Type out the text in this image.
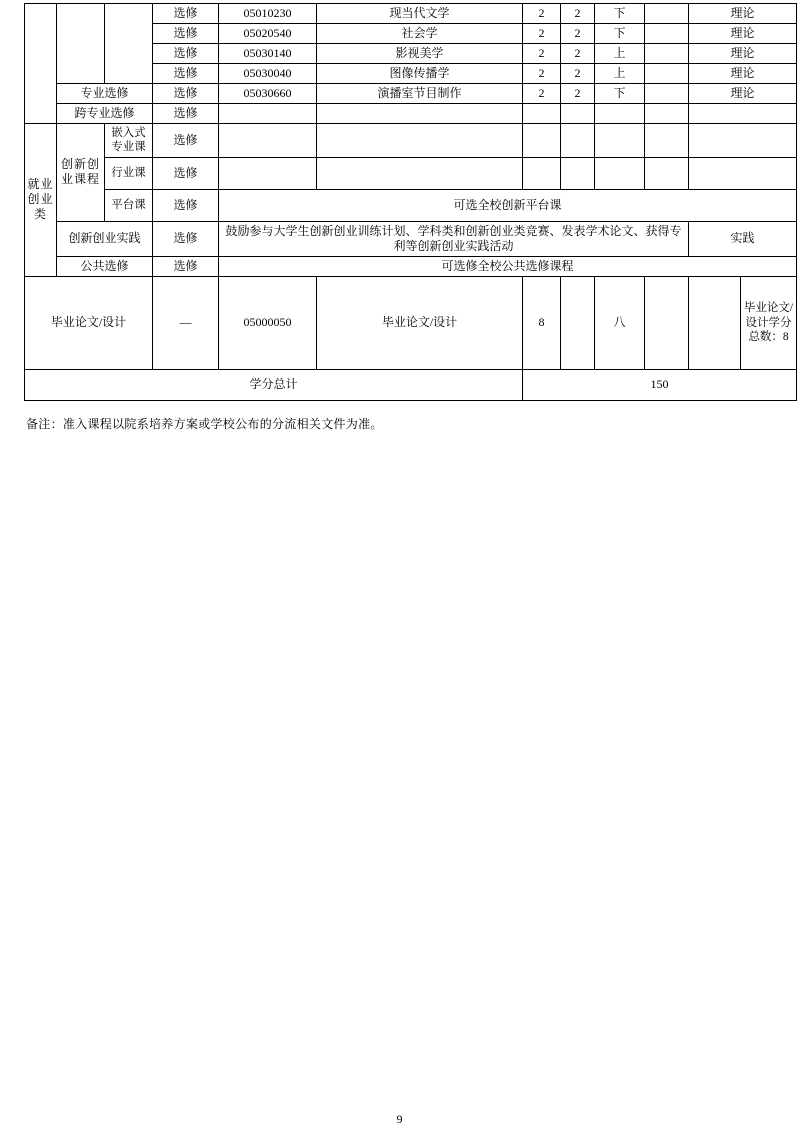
			选修	05010230	现当代文学	2	2	下		理论	
			选修	05020540	社会学	2	2	下		理论	
			选修	05030140	影视美学	2	2	上		理论	
			选修	05030040	图像传播学	2	2	上		理论	
	专业选修		选修	05030660	演播室节目制作	2	2	下		理论	
	跨专业选修		选修								
就业创业类	创新创业课程	嵌入式专业课	选修								
		行业课	选修								
		平台课	选修	可选全校创新平台课							
	创新创业实践		选修	鼓励参与大学生创新创业训练计划、学科类和创新创业类竞赛、发表学术论文、获得专利等创新创业实践活动						实践	
	公共选修		选修	可选修全校公共选修课程							
毕业论文/设计			—	05000050	毕业论文/设计	8		八			毕业论文/设计学分总数：8
学分总计						150					
备注：准入课程以院系培养方案或学校公布的分流相关文件为准。
9
